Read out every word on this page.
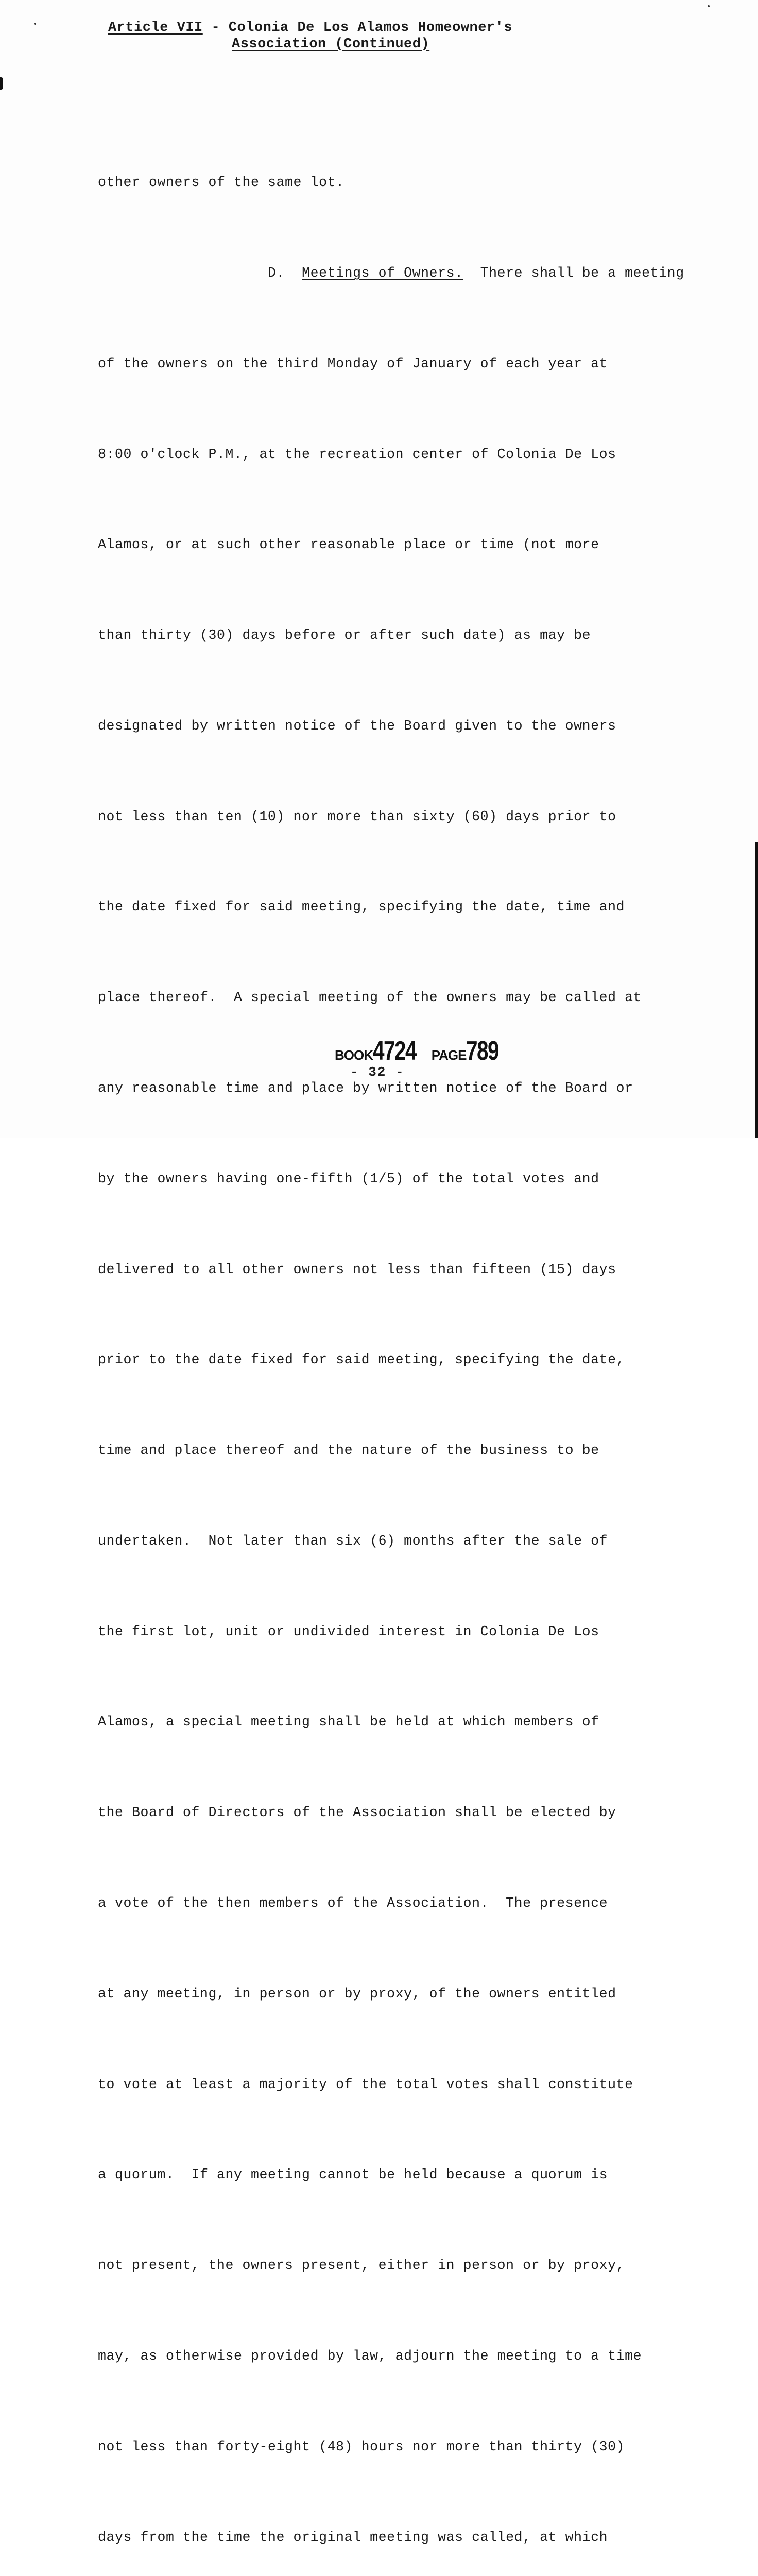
Article VII - Colonia De Los Alamos Homeowner's
Association (Continued)

other owners of the same lot.

D.  Meetings of Owners.  There shall be a meeting

of the owners on the third Monday of January of each year at

8:00 o'clock P.M., at the recreation center of Colonia De Los

Alamos, or at such other reasonable place or time (not more

than thirty (30) days before or after such date) as may be

designated by written notice of the Board given to the owners

not less than ten (10) nor more than sixty (60) days prior to

the date fixed for said meeting, specifying the date, time and

place thereof.  A special meeting of the owners may be called at

any reasonable time and place by written notice of the Board or

by the owners having one-fifth (1/5) of the total votes and

delivered to all other owners not less than fifteen (15) days

prior to the date fixed for said meeting, specifying the date,

time and place thereof and the nature of the business to be

undertaken.  Not later than six (6) months after the sale of

the first lot, unit or undivided interest in Colonia De Los

Alamos, a special meeting shall be held at which members of

the Board of Directors of the Association shall be elected by

a vote of the then members of the Association.  The presence

at any meeting, in person or by proxy, of the owners entitled

to vote at least a majority of the total votes shall constitute

a quorum.  If any meeting cannot be held because a quorum is

not present, the owners present, either in person or by proxy,

may, as otherwise provided by law, adjourn the meeting to a time

not less than forty-eight (48) hours nor more than thirty (30)

days from the time the original meeting was called, at which

BOOK4724 PAGE789
- 32 -
